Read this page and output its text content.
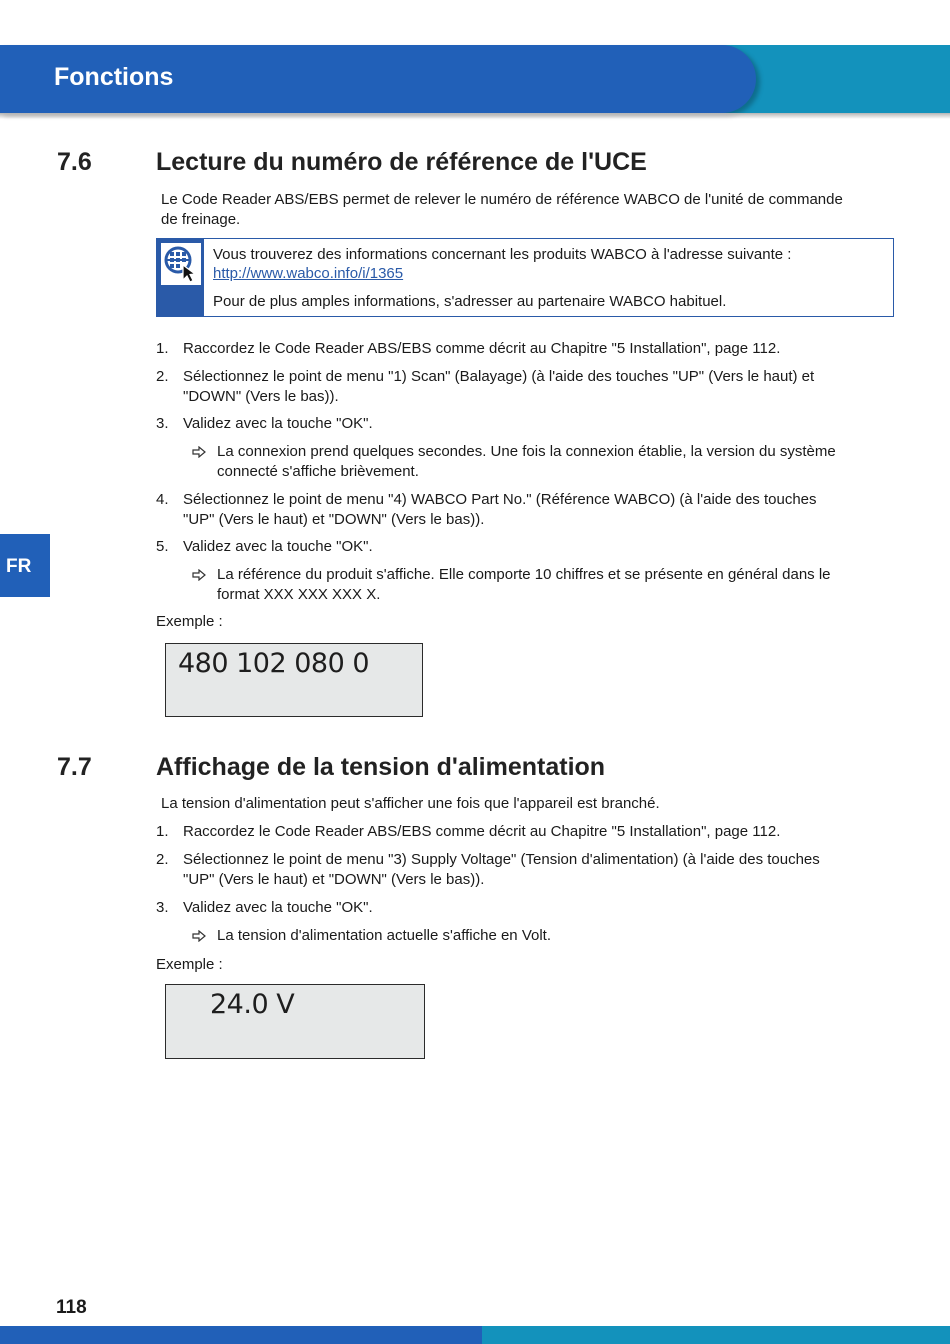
Fonctions
FR
7.6	Lecture du numéro de référence de l'UCE
Le Code Reader ABS/EBS permet de relever le numéro de référence WABCO de l'unité de commande
de freinage.
Vous trouverez des informations concernant les produits WABCO à l'adresse suivante :
http://www.wabco.info/i/1365
Pour de plus amples informations, s'adresser au partenaire WABCO habituel.
1. Raccordez le Code Reader ABS/EBS comme décrit au Chapitre "5 Installation", page 112.
2. Sélectionnez le point de menu "1) Scan" (Balayage) (à l'aide des touches "UP" (Vers le haut) et
"DOWN" (Vers le bas)).
3. Validez avec la touche "OK".
La connexion prend quelques secondes. Une fois la connexion établie, la version du système
connecté s'affiche brièvement.
4. Sélectionnez le point de menu "4) WABCO Part No." (Référence WABCO) (à l'aide des touches
"UP" (Vers le haut) et "DOWN" (Vers le bas)).
5. Validez avec la touche "OK".
La référence du produit s'affiche. Elle comporte 10 chiffres et se présente en général dans le
format XXX XXX XXX X.
Exemple :
480 102 080 0
7.7	Affichage de la tension d'alimentation
La tension d'alimentation peut s'afficher une fois que l'appareil est branché.
1. Raccordez le Code Reader ABS/EBS comme décrit au Chapitre "5 Installation", page 112.
2. Sélectionnez le point de menu "3) Supply Voltage" (Tension d'alimentation) (à l'aide des touches
"UP" (Vers le haut) et "DOWN" (Vers le bas)).
3. Validez avec la touche "OK".
La tension d'alimentation actuelle s'affiche en Volt.
Exemple :
24.0 V
118
